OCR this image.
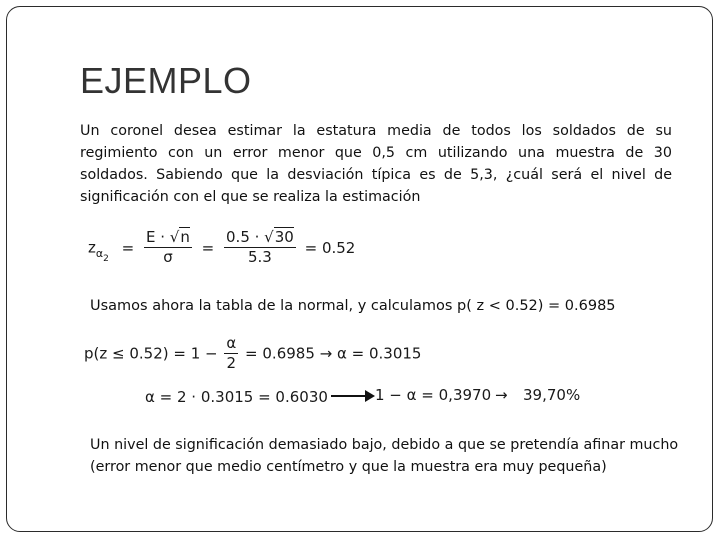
EJEMPLO

Un coronel desea estimar la estatura media de todos los soldados de su regimiento con un error menor que 0,5 cm utilizando una muestra de 30 soldados. Sabiendo que la desviación típica es de 5,3, ¿cuál será el nivel de significación con el que se realiza la estimación

$z_{\alpha 2} = \frac{E \cdot √n}{\sigma} = \frac{0.5 \cdot √30}{5.3} = 0.52$

Usamos ahora la tabla de la normal, y calculamos p( z < 0.52) = 0.6985

$p(z \le 0.52) = 1 - \frac{\alpha}{2} = 0.6985 \to \alpha = 0.3015$
α = 2 · 0.3015 = 0.6030	1 − α = 0,3970 → 39,70%

Un nivel de significación demasiado bajo, debido a que se pretendía afinar mucho (error menor que medio centímetro y que la muestra era muy pequeña)
